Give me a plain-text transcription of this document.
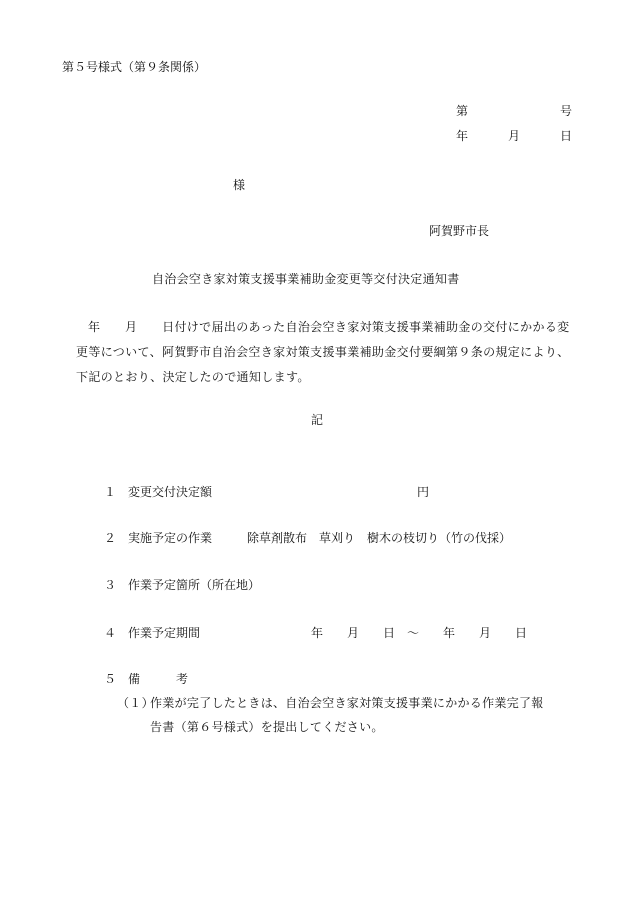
第５号様式（第９条関係）
第	号
年	月	日
様
阿賀野市長
自治会空き家対策支援事業補助金変更等交付決定通知書
年　　月　　日付けで届出のあった自治会空き家対策支援事業補助金の交付にかかる変更等について、阿賀野市自治会空き家対策支援事業補助金交付要綱第９条の規定により、下記のとおり、決定したので通知します。
記
１ 変更交付決定額	円
２ 実施予定の作業	除草剤散布　草刈り　樹木の枝切り（竹の伐採）
３ 作業予定箇所（所在地）
４ 作業予定期間	年　　月　　日　～　　年　　月　　日
５ 備　　　考
（１）作業が完了したときは、自治会空き家対策支援事業にかかる作業完了報
告書（第６号様式）を提出してください。
